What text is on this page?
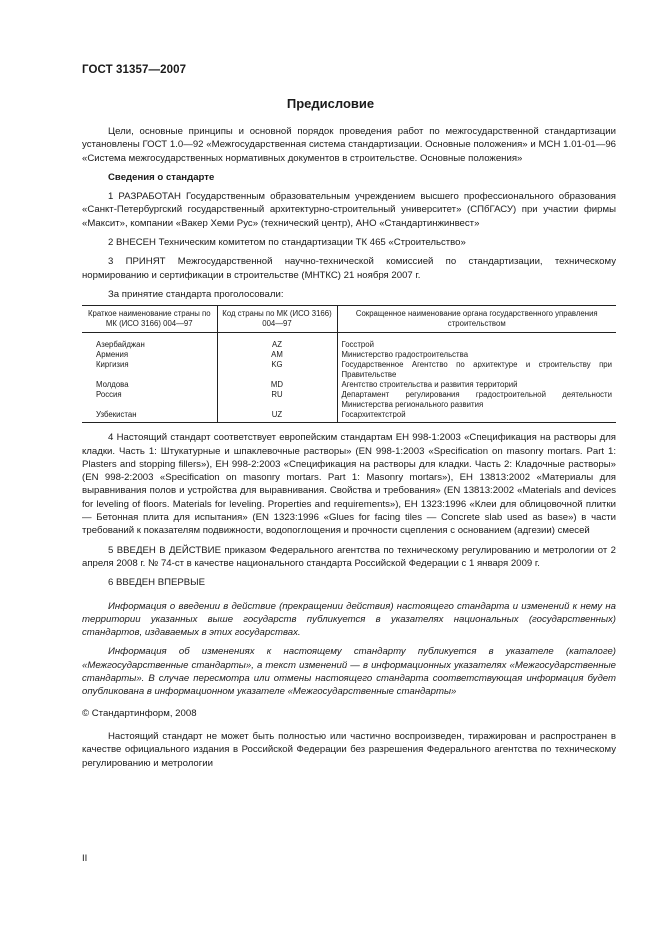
ГОСТ 31357—2007
Предисловие

Цели, основные принципы и основной порядок проведения работ по межгосударственной стандартизации установлены ГОСТ 1.0—92 «Межгосударственная система стандартизации. Основные положения» и МСН 1.01-01—96 «Система межгосударственных нормативных документов в строительстве. Основные положения»

Сведения о стандарте

1 РАЗРАБОТАН Государственным образовательным учреждением высшего профессионального образования «Санкт-Петербургский государственный архитектурно-строительный университет» (СПбГАСУ) при участии фирмы «Максит», компании «Вакер Хеми Рус» (технический центр), АНО «Стандартинжинвест»

2 ВНЕСЕН Техническим комитетом по стандартизации ТК 465 «Строительство»

3 ПРИНЯТ Межгосударственной научно-технической комиссией по стандартизации, техническому нормированию и сертификации в строительстве (МНТКС) 21 ноября 2007 г.

За принятие стандарта проголосовали:

Краткое наименование страны по МК (ИСО 3166) 004—97	Код страны по МК (ИСО 3166) 004—97	Сокращенное наименование органа государственного управления строительством
Азербайджан	AZ	Госстрой
Армения	AM	Министерство градостроительства
Киргизия	KG	Государственное Агентство по архитектуре и строительству при Правительстве
Молдова	MD	Агентство строительства и развития территорий
Россия	RU	Департамент регулирования градостроительной деятельности Министерства регионального развития
Узбекистан	UZ	Госархитектстрой

4 Настоящий стандарт соответствует европейским стандартам ЕН 998-1:2003 «Спецификация на растворы для кладки. Часть 1: Штукатурные и шпаклевочные растворы» (EN 998-1:2003 «Specification on masonry mortars. Part 1: Plasters and stopping fillers»), ЕН 998-2:2003 «Спецификация на растворы для кладки. Часть 2: Кладочные растворы» (EN 998-2:2003 «Specification on masonry mortars. Part 1: Masonry mortars»), ЕН 13813:2002 «Материалы для выравнивания полов и устройства для выравнивания. Свойства и требования» (EN 13813:2002 «Materials and devices for leveling of floors. Materials for leveling. Properties and requirements»), ЕН 1323:1996 «Клеи для облицовочной плитки — Бетонная плита для испытания» (EN 1323:1996 «Glues for facing tiles — Concrete slab used as base») в части требований к показателям подвижности, водопоглощения и прочности сцепления с основанием (адгезии) смесей

5 ВВЕДЕН В ДЕЙСТВИЕ приказом Федерального агентства по техническому регулированию и метрологии от 2 апреля 2008 г. № 74-ст в качестве национального стандарта Российской Федерации с 1 января 2009 г.

6 ВВЕДЕН ВПЕРВЫЕ

Информация о введении в действие (прекращении действия) настоящего стандарта и изменений к нему на территории указанных выше государств публикуется в указателях национальных (государственных) стандартов, издаваемых в этих государствах.

Информация об изменениях к настоящему стандарту публикуется в указателе (каталоге) «Межгосударственные стандарты», а текст изменений — в информационных указателях «Межгосударственные стандарты». В случае пересмотра или отмены настоящего стандарта соответствующая информация будет опубликована в информационном указателе «Межгосударственные стандарты»

© Стандартинформ, 2008

Настоящий стандарт не может быть полностью или частично воспроизведен, тиражирован и распространен в качестве официального издания в Российской Федерации без разрешения Федерального агентства по техническому регулированию и метрологии

II
